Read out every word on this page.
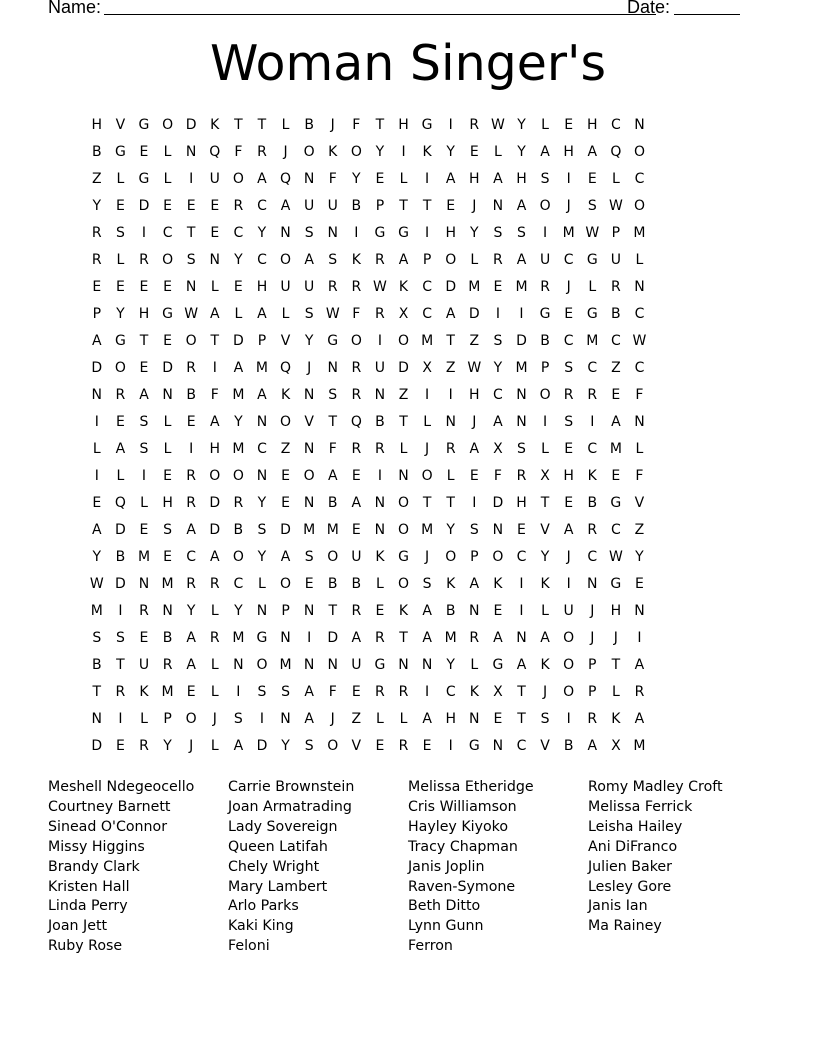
Name:	Date:
Woman Singer's
H V G O D K	T	T	L	B	J	F	T	H G	I	R W Y	L	E H C N
B G E	L	N Q	F	R	J	O K O Y	I	K	Y	E	L	Y	A H A Q O
Z	L	G	L	I	U O A Q N	F	Y	E	L	I	A H A H S	I	E	L	C
Y	E D E	E	E	R C A U U B	P	T	T	E	J	N A O	J	S W O
R	S	I	C	T	E	C	Y	N S N	I	G G	I	H	Y	S	S	I	M W P M
R	L	R O S N	Y	C O A	S	K	R A	P O	L	R A U C G U	L
E	E	E	E N	L	E H U U R R W K	C D M E M R	J	L	R N
P	Y	H G W A	L	A	L	S W F	R X C A D	I	I	G E G B C
A G T	E O T D P	V	Y G O	I	O M T	Z	S D B C M C W
D O E D R	I	A M Q	J	N R U D X	Z W Y M P	S	C Z C
N R A N B	F M A	K N S	R N Z	I	I	H C N O R R	E	F
I	E	S	L	E	A	Y	N O V	T Q B	T	L	N	J	A N	I	S	I	A N
L	A	S	L	I	H M C Z N	F	R R	L	J	R A	X	S	L	E	C M L
I	L	I	E	R O O N E O A	E	I	N O	L	E	F	R X H K	E	F
E Q	L	H R D R	Y	E N B	A N O T	T	I	D H	T	E	B G V
A D E	S	A D B	S D M M E N O M Y	S N E	V	A R C Z
Y	B M E	C A O Y	A	S O U K G	J	O P O C	Y	J	C W Y
W D N M R R C	L	O E	B B	L	O S	K	A	K	I	K	I	N G E
M	I	R N	Y	L	Y	N	P	N	T	R	E	K	A	B N E	I	L	U	J	H N
S	S	E	B	A R M G N	I	D A R	T	A M R A N A O	J	J	I
B	T	U R A	L	N O M N N U G N N	Y	L	G A	K O P	T	A
T	R	K M E	L	I	S	S	A	F	E	R R	I	C	K	X	T	J	O P	L	R
N	I	L	P O	J	S	I	N A	J	Z	L	L	A H N E	T	S	I	R	K	A
D E	R	Y	J	L	A D Y	S O V	E	R	E	I	G N C V	B	A	X M
Meshell Ndegeocello
Courtney Barnett
Sinead O'Connor
Missy Higgins
Brandy Clark
Kristen Hall
Linda Perry
Joan Jett
Ruby Rose
Carrie Brownstein
Joan Armatrading
Lady Sovereign
Queen Latifah
Chely Wright
Mary Lambert
Arlo Parks
Kaki King
Feloni
Melissa Etheridge
Cris Williamson
Hayley Kiyoko
Tracy Chapman
Janis Joplin
Raven-Symone
Beth Ditto
Lynn Gunn
Ferron
Romy Madley Croft
Melissa Ferrick
Leisha Hailey
Ani DiFranco
Julien Baker
Lesley Gore
Janis Ian
Ma Rainey
